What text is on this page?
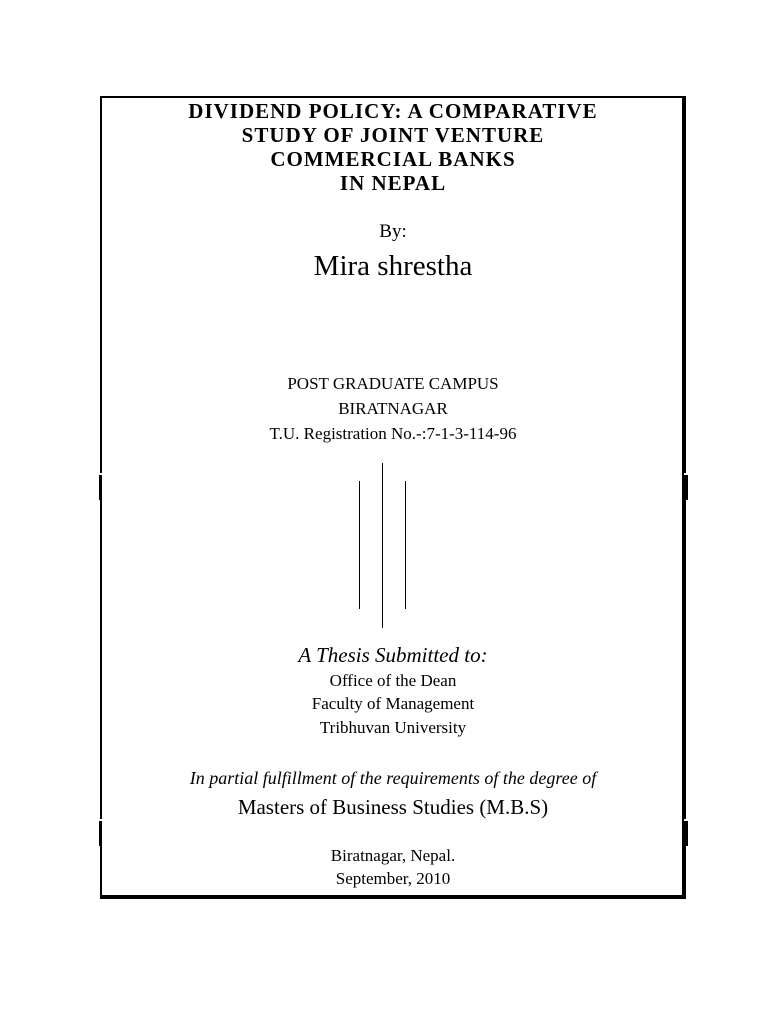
DIVIDEND POLICY: A COMPARATIVE
STUDY OF JOINT VENTURE
COMMERCIAL BANKS
IN NEPAL
By:
Mira shrestha
POST GRADUATE CAMPUS
BIRATNAGAR
T.U. Registration No.-:7-1-3-114-96
A Thesis Submitted to:
Office of the Dean
Faculty of Management
Tribhuvan University
In partial fulfillment of the requirements of the degree of
Masters of Business Studies (M.B.S)
Biratnagar, Nepal.
September, 2010
